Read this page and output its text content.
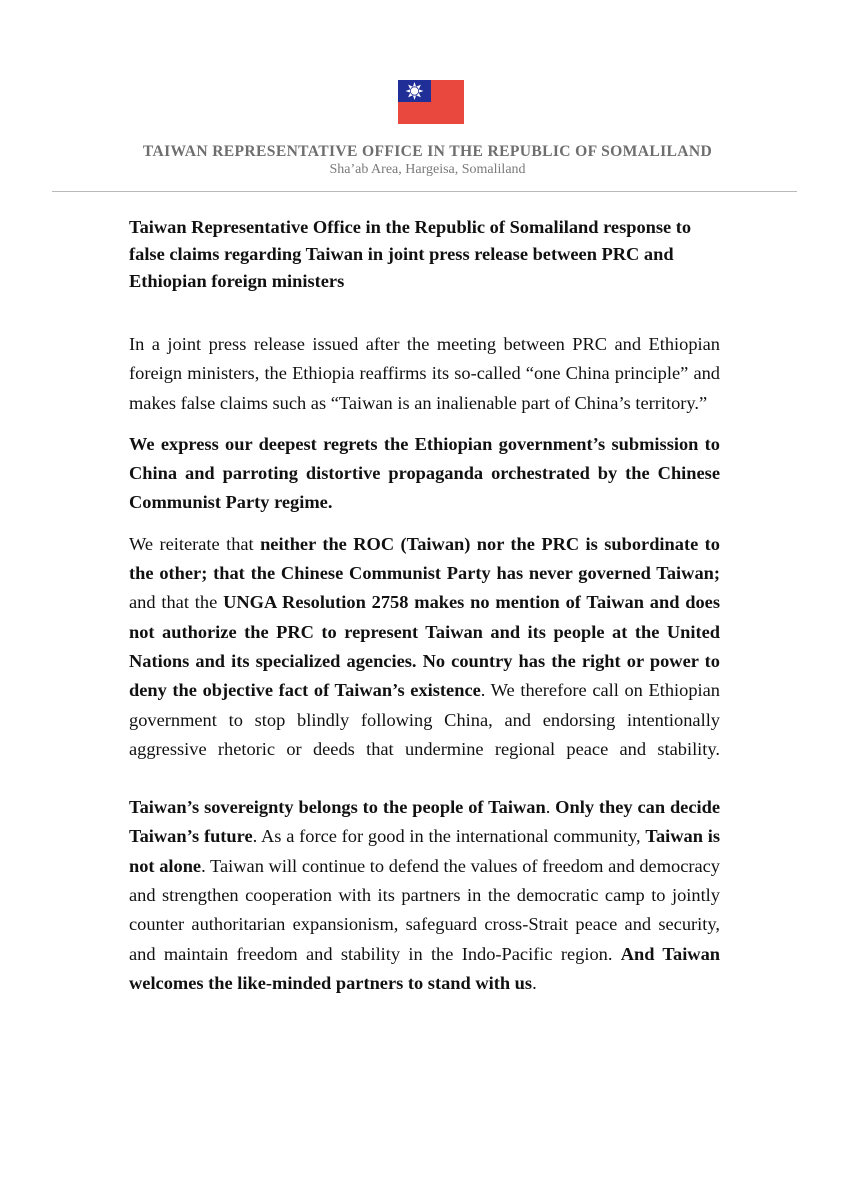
TAIWAN REPRESENTATIVE OFFICE IN THE REPUBLIC OF SOMALILAND
Sha’ab Area, Hargeisa, Somaliland
Taiwan Representative Office in the Republic of Somaliland response to false claims regarding Taiwan in joint press release between PRC and Ethiopian foreign ministers

In a joint press release issued after the meeting between PRC and Ethiopian foreign ministers, the Ethiopia reaffirms its so-called “one China principle” and makes false claims such as “Taiwan is an inalienable part of China’s territory.”

We express our deepest regrets the Ethiopian government’s submission to China and parroting distortive propaganda orchestrated by the Chinese Communist Party regime.

We reiterate that neither the ROC (Taiwan) nor the PRC is subordinate to the other; that the Chinese Communist Party has never governed Taiwan; and that the UNGA Resolution 2758 makes no mention of Taiwan and does not authorize the PRC to represent Taiwan and its people at the United Nations and its specialized agencies. No country has the right or power to deny the objective fact of Taiwan’s existence. We therefore call on Ethiopian government to stop blindly following China, and endorsing intentionally aggressive rhetoric or deeds that undermine regional peace and stability.

Taiwan’s sovereignty belongs to the people of Taiwan. Only they can decide Taiwan’s future. As a force for good in the international community, Taiwan is not alone. Taiwan will continue to defend the values of freedom and democracy and strengthen cooperation with its partners in the democratic camp to jointly counter authoritarian expansionism, safeguard cross-Strait peace and security, and maintain freedom and stability in the Indo-Pacific region. And Taiwan welcomes the like-minded partners to stand with us.
